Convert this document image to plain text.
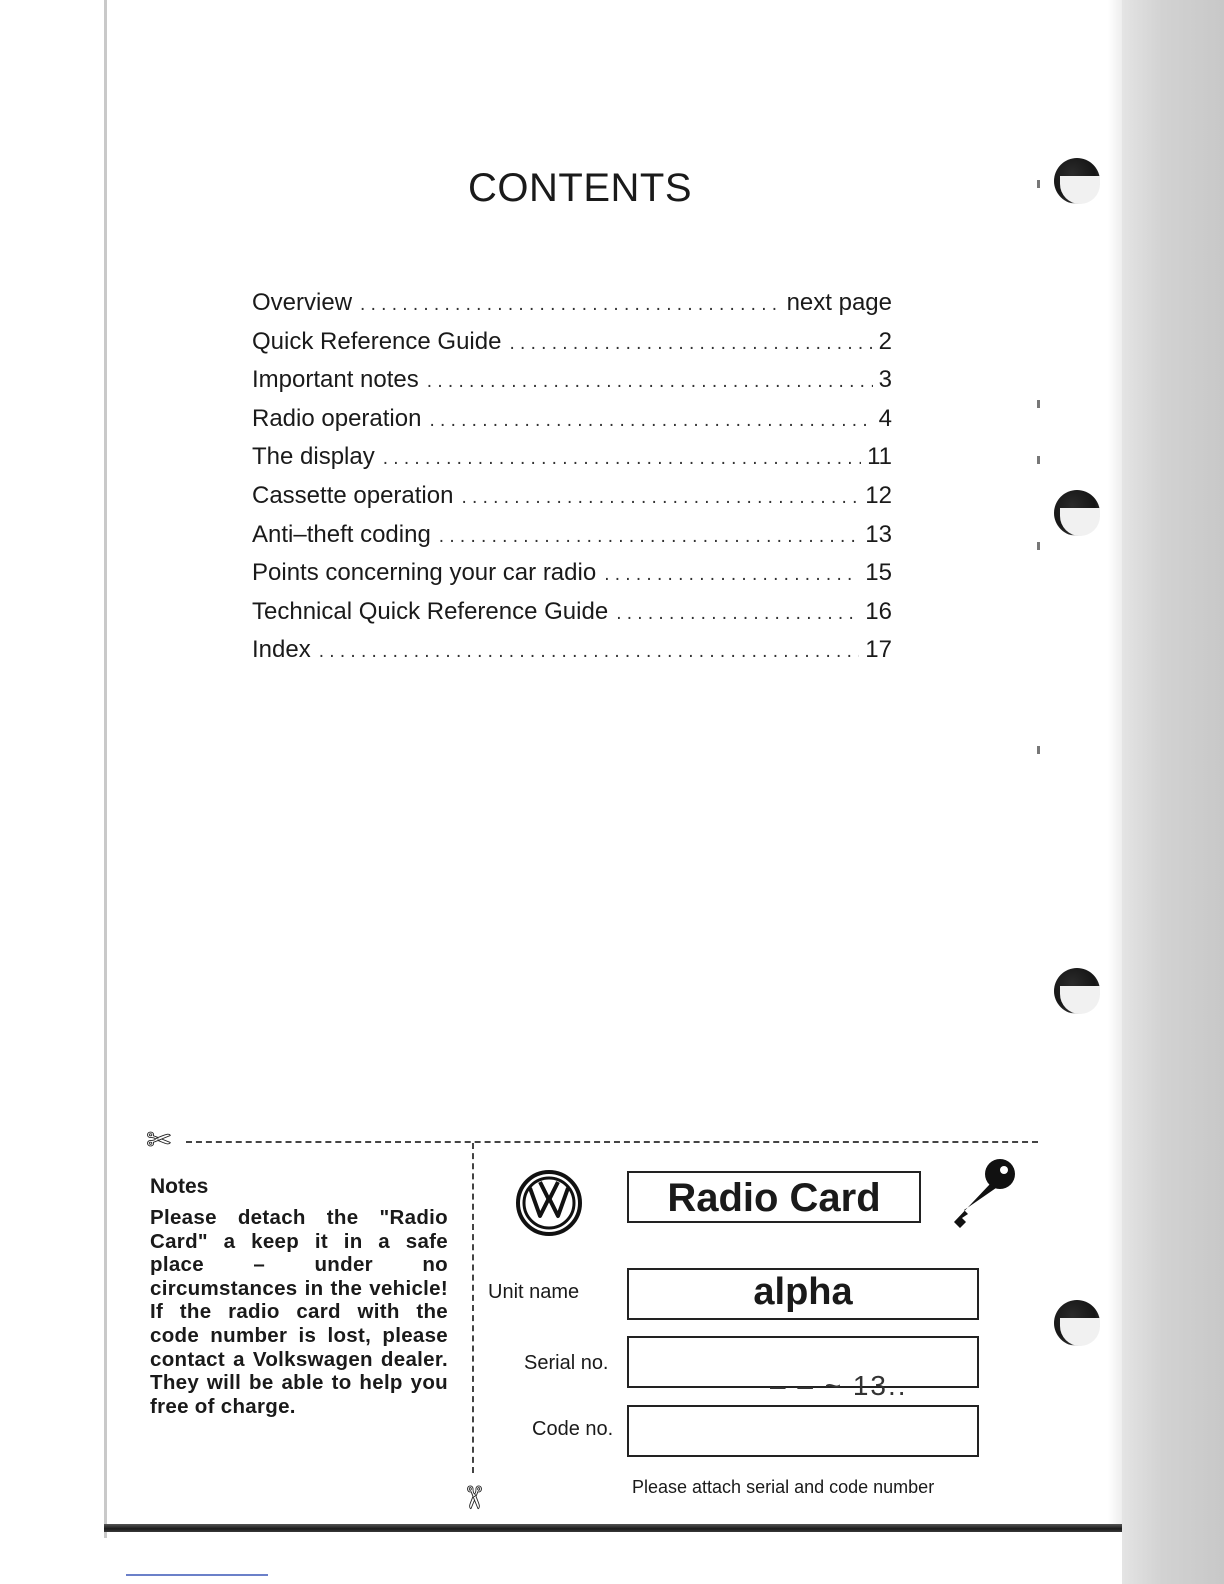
CONTENTS
Overview . . .	next page
Quick Reference Guide . . .	2
Important notes . . .	3
Radio operation . . .	4
The display . . .	11
Cassette operation . . .	12
Anti–theft coding . . .	13
Points concerning your car radio . . .	15
Technical Quick Reference Guide . . .	16
Index . . .	17
✄
✄
Notes

Please detach the "Radio Card" a keep it in a safe place – under no circumstances in the vehicle! If the radio card with the code number is lost, please contact a Volkswagen dealer. They will be able to help you free of charge.

Radio Card
Unit name	alpha
Serial no.
– – ~ 13..
Code no.
Please attach serial and code number
